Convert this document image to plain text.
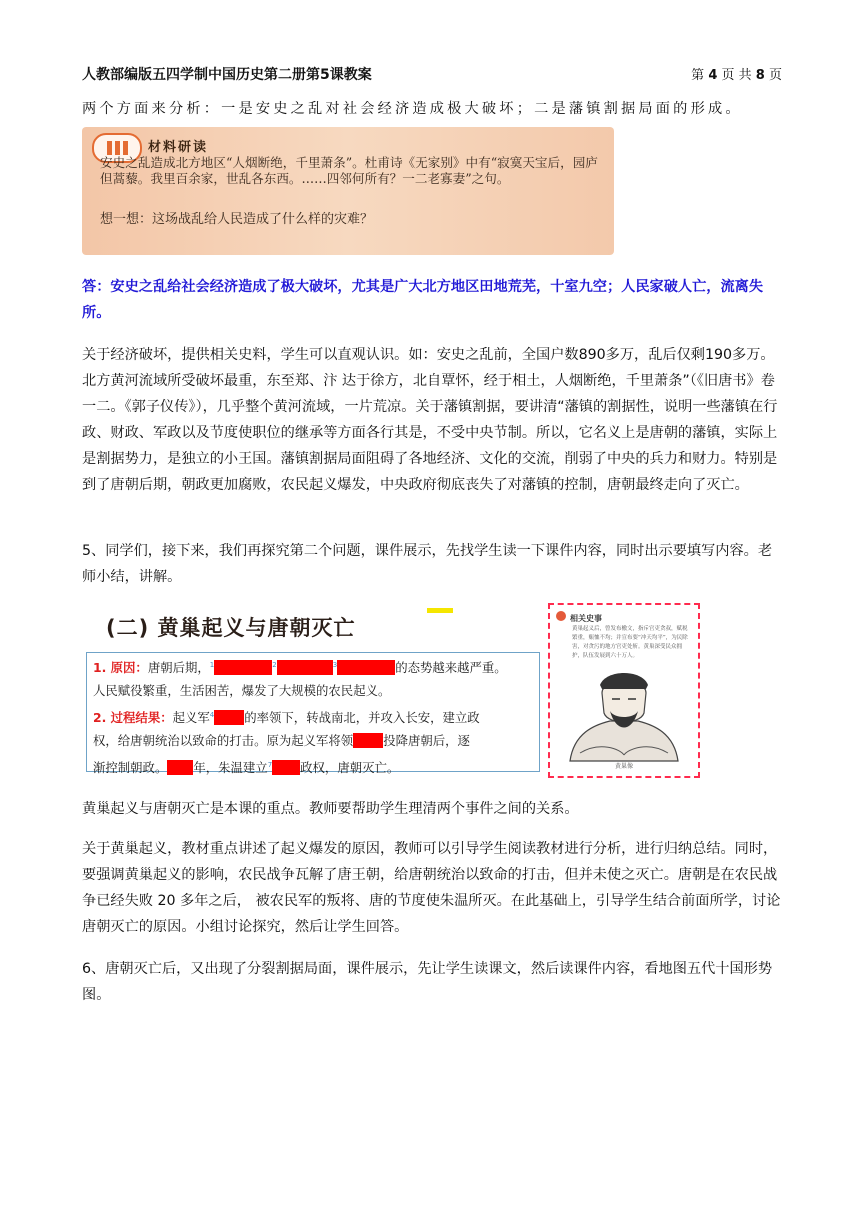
人教部编版五四学制中国历史第二册第5课教案	第 4 页 共 8 页
两个方面来分析：一是安史之乱对社会经济造成极大破坏；二是藩镇割据局面的形成。
材料研读
安史之乱造成北方地区“人烟断绝，千里萧条”。杜甫诗《无家别》中有“寂寞天宝后，园庐但蒿藜。我里百余家，世乱各东西。……四邻何所有？一二老寡妻”之句。
想一想：这场战乱给人民造成了什么样的灾难？
答：安史之乱给社会经济造成了极大破坏，尤其是广大北方地区田地荒芜，十室九空；人民家破人亡，流离失所。
关于经济破坏，提供相关史料，学生可以直观认识。如：安史之乱前，全国户数890多万，乱后仅剩190多万。北方黄河流域所受破坏最重，东至郑、汴 达于徐方，北自覃怀，经于相土，人烟断绝，千里萧条”（《旧唐书》卷一二。《郭子仪传》），几乎整个黄河流域，一片荒凉。关于藩镇割据，要讲清“藩镇的割据性，说明一些藩镇在行政、财政、军政以及节度使职位的继承等方面各行其是，不受中央节制。所以，它名义上是唐朝的藩镇，实际上是割据势力，是独立的小王国。藩镇割据局面阻碍了各地经济、文化的交流，削弱了中央的兵力和财力。特别是到了唐朝后期，朝政更加腐败，农民起义爆发，中央政府彻底丧失了对藩镇的控制，唐朝最终走向了灭亡。
5、同学们，接下来，我们再探究第二个问题，课件展示，先找学生读一下课件内容，同时出示要填写内容。老师小结，讲解。
(二) 黄巢起义与唐朝灭亡
1. 原因：唐朝后期，$^1$	$^2$	$^3$	的态势越来越严重。
人民赋役繁重，生活困苦，爆发了大规模的农民起义。
2. 过程结果：起义军$^4$ 的率领下，转战南北，并攻入长安，建立政
权，给唐朝统治以致命的打击。原为起义军将领 投降唐朝后，逐
渐控制朝政。 年，朱温建立$^7$ 政权，唐朝灭亡。
相关史事
黄巢起义后，曾发布檄文，指斥官吏贪叔，赋税繁重，赈恤不均；并宣布要“冲天均平”，为民除害，对贪污的地方官吏处斩。黄巢深受民众拥护，队伍发展到六十万人。
黄巢像
黄巢起义与唐朝灭亡是本课的重点。教师要帮助学生理清两个事件之间的关系。
关于黄巢起义，教材重点讲述了起义爆发的原因，教师可以引导学生阅读教材进行分析，进行归纳总结。同时，要强调黄巢起义的影响，农民战争瓦解了唐王朝，给唐朝统治以致命的打击，但并未使之灭亡。唐朝是在农民战争已经失败 20 多年之后， 被农民军的叛将、唐的节度使朱温所灭。在此基础上，引导学生结合前面所学，讨论唐朝灭亡的原因。小组讨论探究，然后让学生回答。
6、唐朝灭亡后，又出现了分裂割据局面，课件展示，先让学生读课文，然后读课件内容，看地图五代十国形势图。
